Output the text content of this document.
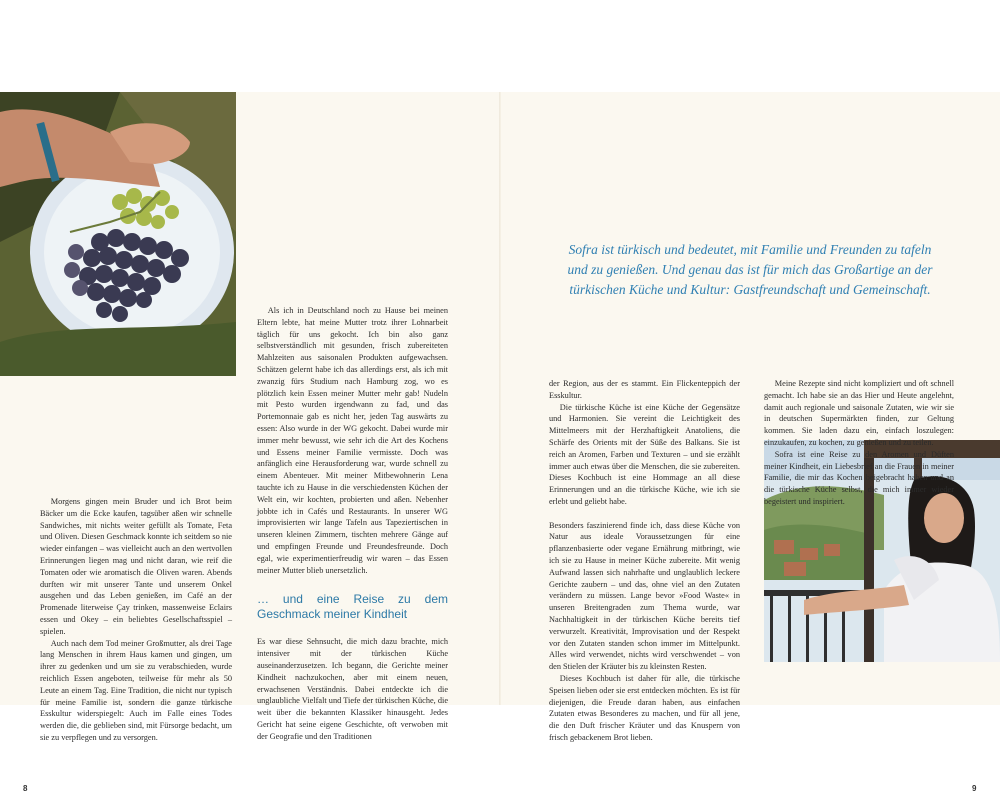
Morgens gingen mein Bruder und ich Brot beim Bäcker um die Ecke kaufen, tagsüber aßen wir schnelle Sandwiches, mit nichts weiter gefüllt als Tomate, Feta und Oliven. Diesen Geschmack konnte ich seitdem so nie wieder einfangen – was vielleicht auch an den wertvollen Erinnerungen liegen mag und nicht daran, wie reif die Tomaten oder wie aromatisch die Oliven waren. Abends durften wir mit unserer Tante und unserem Onkel ausgehen und das Leben genießen, im Café an der Promenade literweise Çay trinken, massenweise Eclairs essen und Okey – ein beliebtes Gesellschaftsspiel – spielen.

Auch nach dem Tod meiner Großmutter, als drei Tage lang Menschen in ihrem Haus kamen und gingen, um ihrer zu gedenken und um sie zu verabschieden, wurde reichlich Essen angeboten, teilweise für mehr als 50 Leute an einem Tag. Eine Tradition, die nicht nur typisch für meine Familie ist, sondern die ganze türkische Esskultur widerspiegelt: Auch im Falle eines Todes werden die, die geblieben sind, mit Fürsorge bedacht, um sie zu verpflegen und zu versorgen.

Als ich in Deutschland noch zu Hause bei meinen Eltern lebte, hat meine Mutter trotz ihrer Lohnarbeit täglich für uns gekocht. Ich bin also ganz selbstverständlich mit gesunden, frisch zubereiteten Mahlzeiten aus saisonalen Produkten aufgewachsen. Schätzen gelernt habe ich das allerdings erst, als ich mit zwanzig fürs Studium nach Hamburg zog, wo es plötzlich kein Essen meiner Mutter mehr gab! Nudeln mit Pesto wurden irgendwann zu fad, und das Portemonnaie gab es nicht her, jeden Tag auswärts zu essen: Also wurde in der WG gekocht. Dabei wurde mir immer mehr bewusst, wie sehr ich die Art des Kochens und Essens meiner Familie vermisste. Doch was anfänglich eine Herausforderung war, wurde schnell zu einem Abenteuer. Mit meiner Mitbewohnerin Lena tauchte ich zu Hause in die verschiedensten Küchen der Welt ein, wir kochten, probierten und aßen. Nebenher jobbte ich in Cafés und Restaurants. In unserer WG improvisierten wir lange Tafeln aus Tapeziertischen in unseren kleinen Zimmern, tischten mehrere Gänge auf und empfingen Freunde und Freundesfreunde. Doch egal, wie experimentierfreudig wir waren – das Essen meiner Mutter blieb unersetzlich.

… und eine Reise zu dem Geschmack meiner Kindheit

Es war diese Sehnsucht, die mich dazu brachte, mich intensiver mit der türkischen Küche auseinanderzusetzen. Ich begann, die Gerichte meiner Kindheit nachzukochen, aber mit einem neuen, erwachsenen Verständnis. Dabei entdeckte ich die unglaubliche Vielfalt und Tiefe der türkischen Küche, die weit über die bekannten Klassiker hinausgeht. Jedes Gericht hat seine eigene Geschichte, oft verwoben mit der Geografie und den Traditionen

Sofra ist türkisch und bedeutet, mit Familie und Freunden zu tafeln und zu genießen. Und genau das ist für mich das Großartige an der türkischen Küche und Kultur: Gastfreundschaft und Gemeinschaft.

der Region, aus der es stammt. Ein Flickenteppich der Esskultur.

Die türkische Küche ist eine Küche der Gegensätze und Harmonien. Sie vereint die Leichtigkeit des Mittelmeers mit der Herzhaftigkeit Anatoliens, die Schärfe des Orients mit der Süße des Balkans. Sie ist reich an Aromen, Farben und Texturen – und sie erzählt immer auch etwas über die Menschen, die sie zubereiten. Dieses Kochbuch ist eine Hommage an all diese Erinnerungen und an die türkische Küche, wie ich sie erlebt und geliebt habe.

Besonders faszinierend finde ich, dass diese Küche von Natur aus ideale Voraussetzungen für eine pflanzenbasierte oder vegane Ernährung mitbringt, wie ich sie zu Hause in meiner Küche zubereite. Mit wenig Aufwand lassen sich nahrhafte und unglaublich leckere Gerichte zaubern – und das, ohne viel an den Zutaten verändern zu müssen. Lange bevor »Food Waste« in unseren Breitengraden zum Thema wurde, war Nachhaltigkeit in der türkischen Küche bereits tief verwurzelt. Kreativität, Improvisation und der Respekt vor den Zutaten standen schon immer im Mittelpunkt. Alles wird verwendet, nichts wird verschwendet – von den Stielen der Kräuter bis zu kleinsten Resten.

Dieses Kochbuch ist daher für alle, die türkische Speisen lieben oder sie erst entdecken möchten. Es ist für diejenigen, die Freude daran haben, aus einfachen Zutaten etwas Besonderes zu machen, und für all jene, die den Duft frischer Kräuter und das Knuspern von frisch gebackenem Brot lieben.

Meine Rezepte sind nicht kompliziert und oft schnell gemacht. Ich habe sie an das Hier und Heute angelehnt, damit auch regionale und saisonale Zutaten, wie wir sie in deutschen Supermärkten finden, zur Geltung kommen. Sie laden dazu ein, einfach loszulegen: einzukaufen, zu kochen, zu genießen und zu teilen.

Sofra ist eine Reise zu den Aromen und Düften meiner Kindheit, ein Liebesbrief an die Frauen in meiner Familie, die mir das Kochen beigebracht haben und an die türkische Küche selbst, die mich immer wieder begeistert und inspiriert.

8	9
